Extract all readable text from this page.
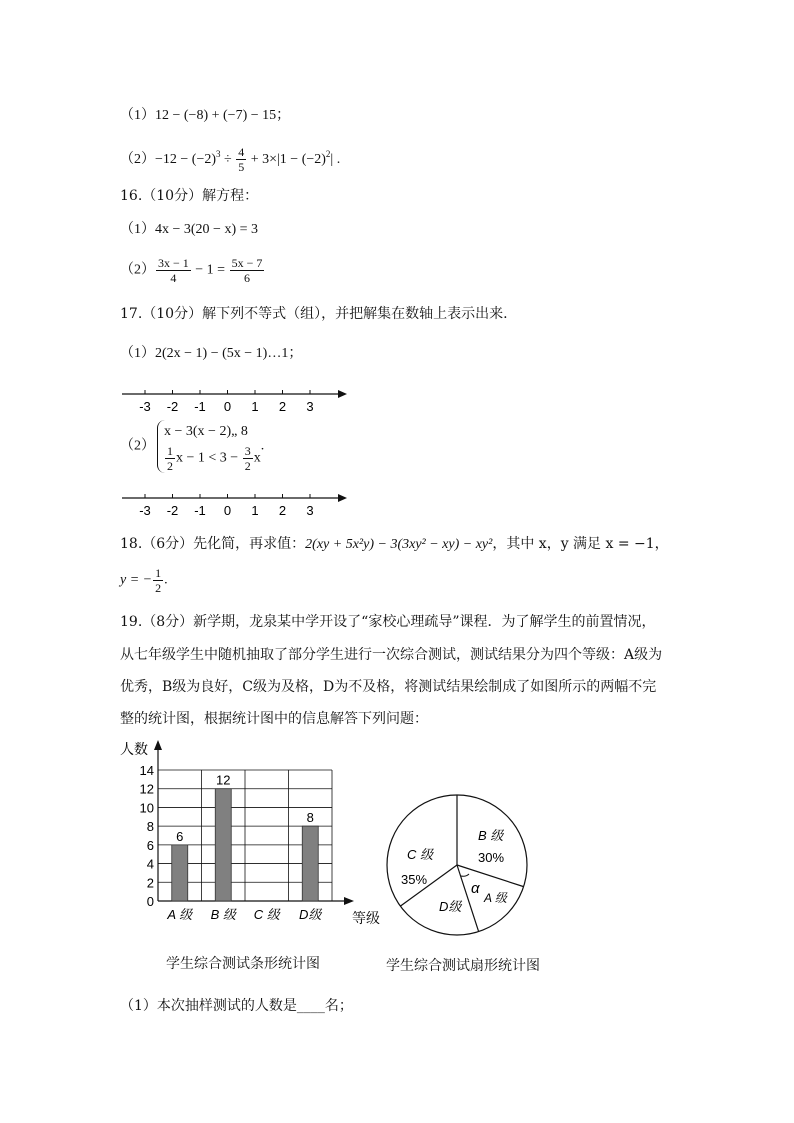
（1）12 − (−8) + (−7) − 15；
$(2)-12 - (-2)^3 \div \frac{4}{5} + 3\times|1 - (-2)^2|$ .
16.（10分）解方程：
（1）4x − 3(20 − x) = 3
$(2) \frac{3x - 1}{4} - 1 = \frac{5x - 7}{6}$
17.（10分）解下列不等式（组），并把解集在数轴上表示出来.
（1）2(2x − 1) − (5x − 1)…1；
-3 -2 -1 0 1 2 3
（2）
x − 3(x − 2)„ 8
$\frac{1}{2}$ $x - 1 < 3 - \frac{3}{2}$ x
.
-3 -2 -1 0 1 2 3
18.（6分）先化简，再求值：2(xy + 5x²y) − 3(3xy² − xy) − xy²，其中 x，y 满足 x = −1，
y = − $\frac{1}{2}$ .
19.（8分）新学期，龙泉某中学开设了“家校心理疏导”课程．为了解学生的前置情况，
从七年级学生中随机抽取了部分学生进行一次综合测试，测试结果分为四个等级：A级为
优秀，B级为良好，C级为及格，D为不及格，将测试结果绘制成了如图所示的两幅不完
整的统计图，根据统计图中的信息解答下列问题：
人数
等级
0
2
4
6
8
10
12
14
6
12
8
A 级 B 级 C 级 D级
学生综合测试条形统计图
B 级
30%
C 级
35%
D级
A 级
α
学生综合测试扇形统计图
（1）本次抽样测试的人数是____名；
